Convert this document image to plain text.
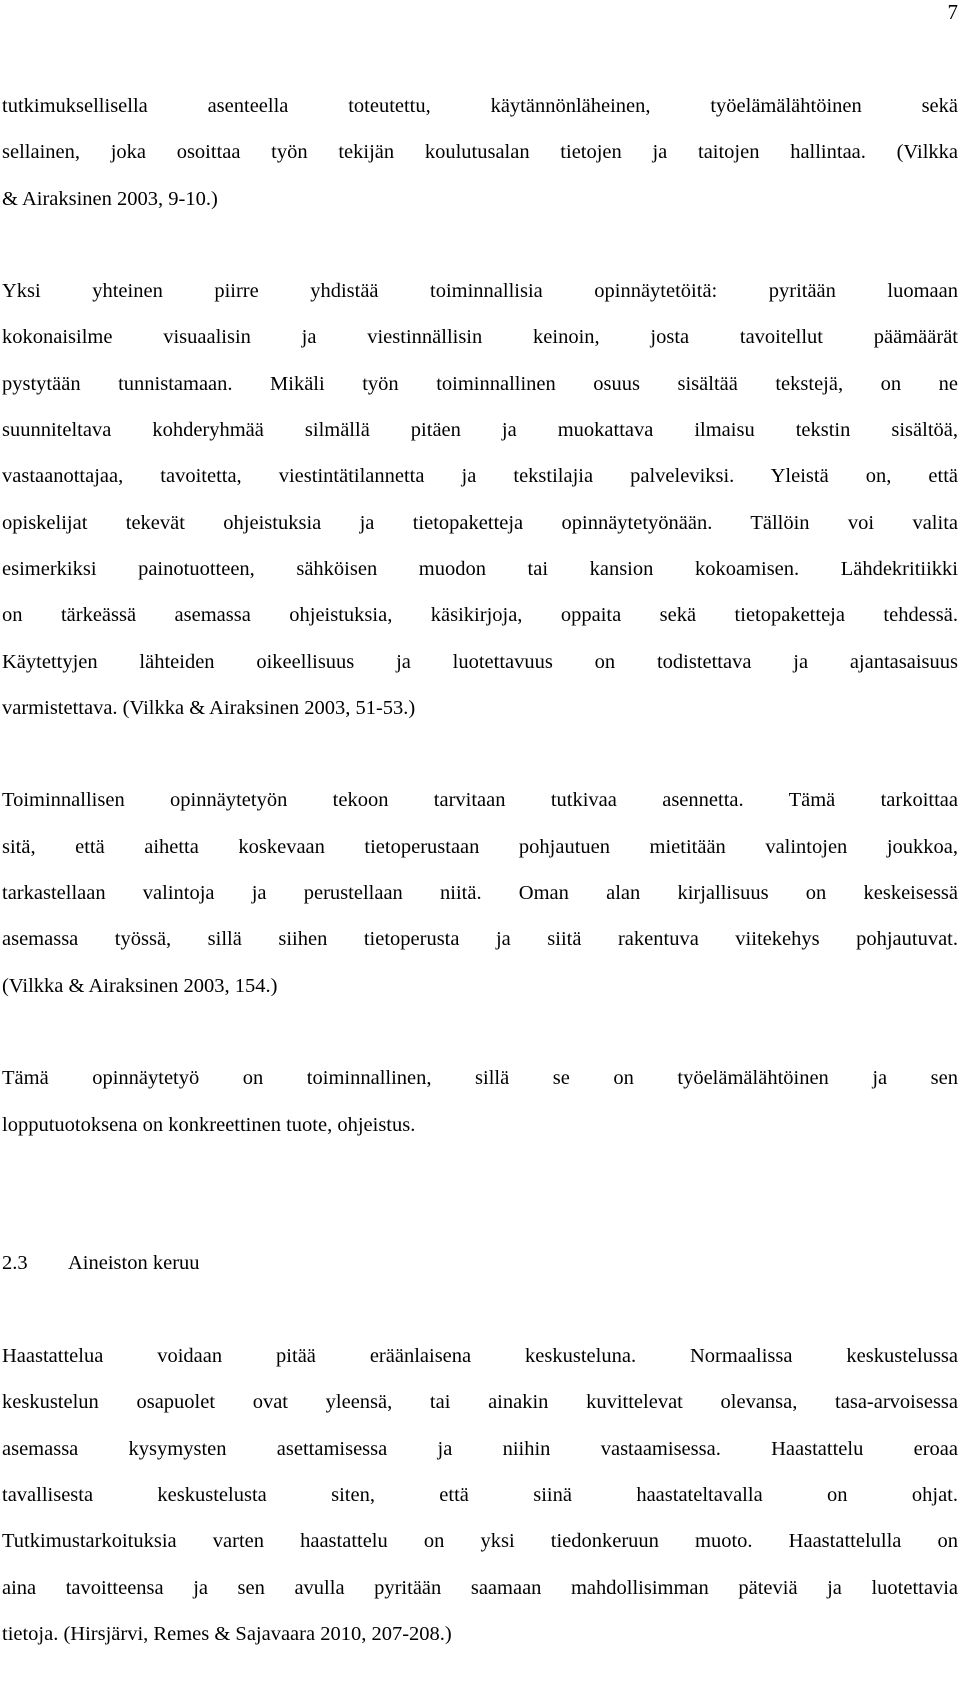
7
tutkimuksellisella asenteella toteutettu, käytännönläheinen, työelämälähtöinen sekä
sellainen, joka osoittaa työn tekijän koulutusalan tietojen ja taitojen hallintaa. (Vilkka
& Airaksinen 2003, 9-10.)
Yksi yhteinen piirre yhdistää toiminnallisia opinnäytetöitä: pyritään luomaan
kokonaisilme visuaalisin ja viestinnällisin keinoin, josta tavoitellut päämäärät
pystytään tunnistamaan. Mikäli työn toiminnallinen osuus sisältää tekstejä, on ne
suunniteltava kohderyhmää silmällä pitäen ja muokattava ilmaisu tekstin sisältöä,
vastaanottajaa, tavoitetta, viestintätilannetta ja tekstilajia palveleviksi. Yleistä on, että
opiskelijat tekevät ohjeistuksia ja tietopaketteja opinnäytetyönään. Tällöin voi valita
esimerkiksi painotuotteen, sähköisen muodon tai kansion kokoamisen. Lähdekritiikki
on tärkeässä asemassa ohjeistuksia, käsikirjoja, oppaita sekä tietopaketteja tehdessä.
Käytettyjen lähteiden oikeellisuus ja luotettavuus on todistettava ja ajantasaisuus
varmistettava. (Vilkka & Airaksinen 2003, 51-53.)
Toiminnallisen opinnäytetyön tekoon tarvitaan tutkivaa asennetta. Tämä tarkoittaa
sitä, että aihetta koskevaan tietoperustaan pohjautuen mietitään valintojen joukkoa,
tarkastellaan valintoja ja perustellaan niitä. Oman alan kirjallisuus on keskeisessä
asemassa työssä, sillä siihen tietoperusta ja siitä rakentuva viitekehys pohjautuvat.
(Vilkka & Airaksinen 2003, 154.)
Tämä opinnäytetyö on toiminnallinen, sillä se on työelämälähtöinen ja sen
lopputuotoksena on konkreettinen tuote, ohjeistus.
2.3 Aineiston keruu
Haastattelua voidaan pitää eräänlaisena keskusteluna. Normaalissa keskustelussa
keskustelun osapuolet ovat yleensä, tai ainakin kuvittelevat olevansa, tasa-arvoisessa
asemassa kysymysten asettamisessa ja niihin vastaamisessa. Haastattelu eroaa
tavallisesta keskustelusta siten, että siinä haastateltavalla on ohjat.
Tutkimustarkoituksia varten haastattelu on yksi tiedonkeruun muoto. Haastattelulla on
aina tavoitteensa ja sen avulla pyritään saamaan mahdollisimman päteviä ja luotettavia
tietoja. (Hirsjärvi, Remes & Sajavaara 2010, 207-208.)
